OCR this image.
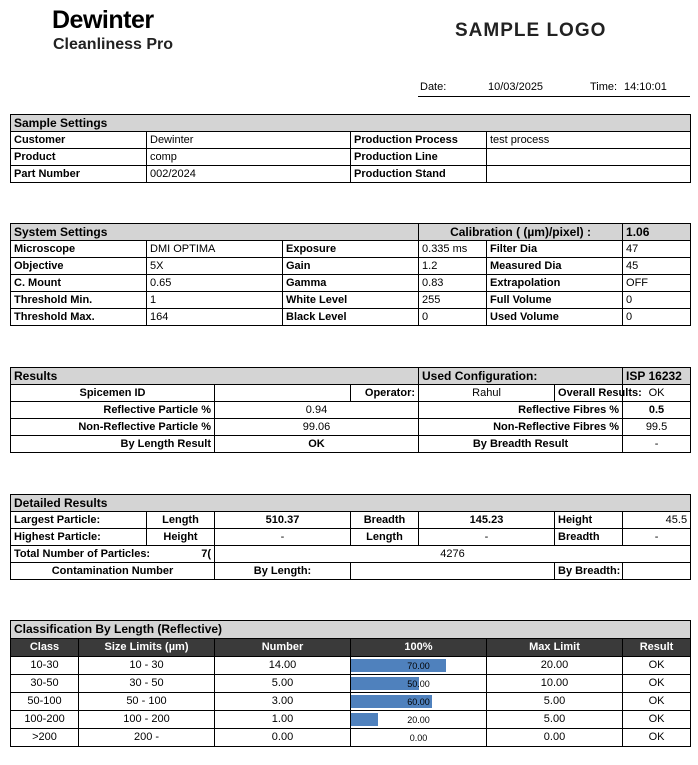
Dewinter
Cleanliness Pro
SAMPLE LOGO
Date:	10/03/2025	Time: 14:10:01
Sample Settings			
Customer	Dewinter	Production Process	test process
Product	comp	Production Line	
Part Number	002/2024	Production Stand	
System Settings			Calibration ( (µm)/pixel) :		1.06
Microscope	DMI OPTIMA	Exposure	0.335 ms	Filter Dia	47
Objective	5X	Gain	1.2	Measured Dia	45
C. Mount	0.65	Gamma	0.83	Extrapolation	OFF
Threshold Min.	1	White Level	255	Full Volume	0
Threshold Max.	164	Black Level	0	Used Volume	0
Results			Used Configuration:		ISP 16232
Spicemen ID		Operator:	Rahul	Overall Results:	OK
Reflective Particle %	0.94		Reflective Fibres %		0.5
Non-Reflective Particle %	99.06		Non-Reflective Fibres %		99.5
By Length Result	OK		By Breadth Result		-
Detailed Results						
Largest Particle:	Length	510.37	Breadth	145.23	Height	45.5
Highest Particle:	Height	-	Length	-	Breadth	-
Total Number of Particles: 7(		4276				
Contamination Number		By Length:			By Breadth:	
Classification By Length (Reflective)					
Class	Size Limits (µm)	Number	100%	Max Limit	Result
10-30	10 - 30	14.00	70.00	20.00	OK
30-50	30 - 50	5.00	50.00	10.00	OK
50-100	50 - 100	3.00	60.00	5.00	OK
100-200	100 - 200	1.00	20.00	5.00	OK
>200	200 -	0.00	0.00	0.00	OK
